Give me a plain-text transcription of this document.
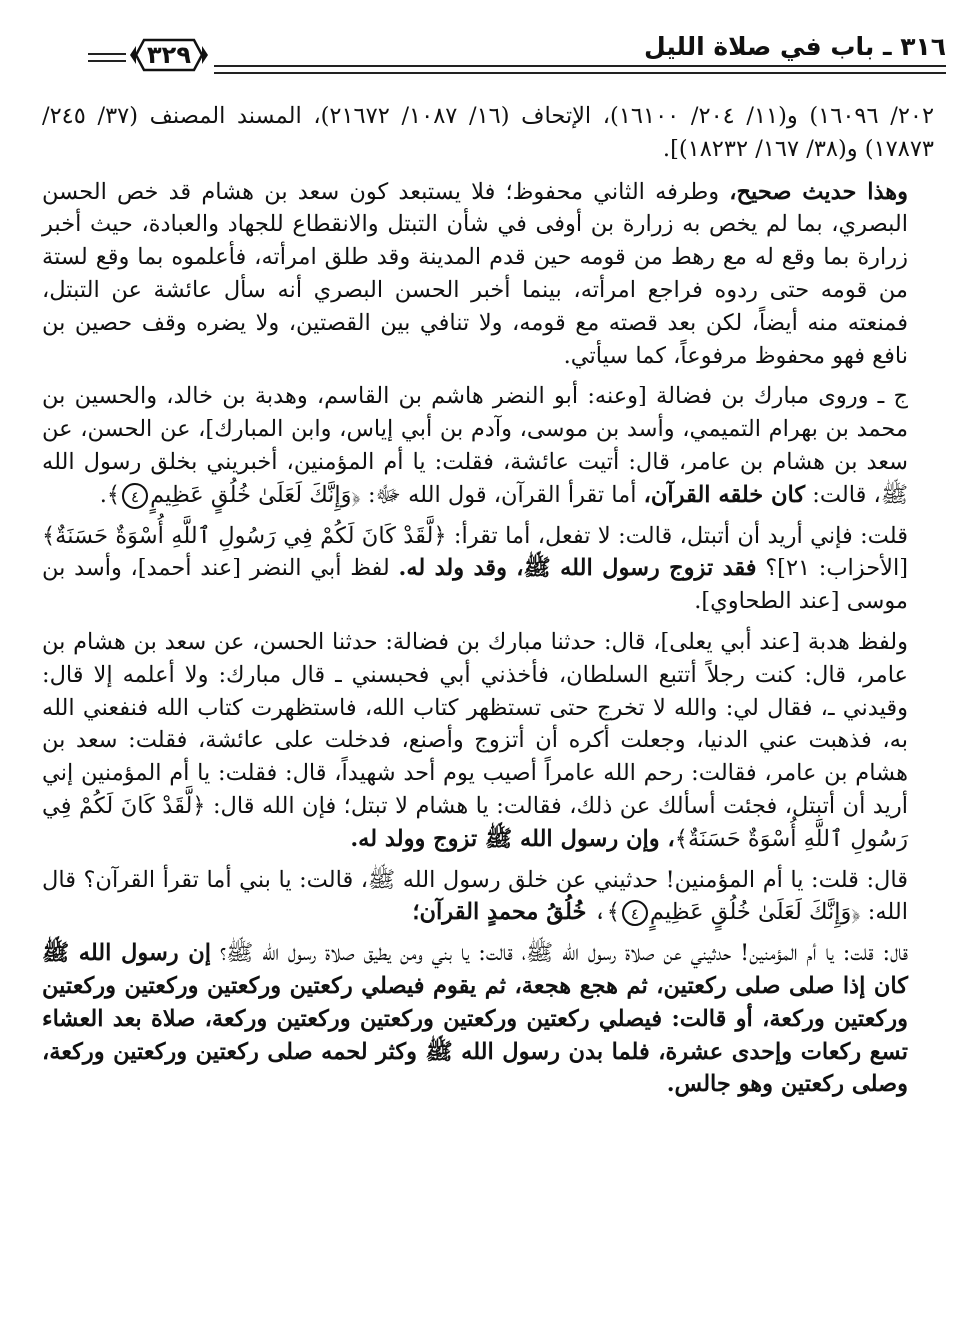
٣١٦ ـ باب في صلاة الليل
٣٢٩

٢٠٢/ ١٦٠٩٦) و(١١/ ٢٠٤/ ١٦١٠٠)، الإتحاف (١٦/ ١٠٨٧/ ٢١٦٧٢)، المسند المصنف (٣٧/ ٢٤٥/ ١٧٨٧٣) و(٣٨/ ١٦٧/ ١٨٢٣٢)].

وهذا حديث صحيح، وطرفه الثاني محفوظ؛ فلا يستبعد كون سعد بن هشام قد خص الحسن البصري، بما لم يخص به زرارة بن أوفى في شأن التبتل والانقطاع للجهاد والعبادة، حيث أخبر زرارة بما وقع له مع رهط من قومه حين قدم المدينة وقد طلق امرأته، فأعلموه بما وقع لستة من قومه حتى ردوه فراجع امرأته، بينما أخبر الحسن البصري أنه سأل عائشة عن التبتل، فمنعته منه أيضاً، لكن بعد قصته مع قومه، ولا تنافي بين القصتين، ولا يضره وقف حصين بن نافع فهو محفوظ مرفوعاً، كما سيأتي.

ج ـ وروى مبارك بن فضالة [وعنه: أبو النضر هاشم بن القاسم، وهدبة بن خالد، والحسين بن محمد بن بهرام التميمي، وأسد بن موسى، وآدم بن أبي إياس، وابن المبارك]، عن الحسن، عن سعد بن هشام بن عامر، قال: أتيت عائشة، فقلت: يا أم المؤمنين، أخبريني بخلق رسول الله ﷺ، قالت: كان خلقه القرآن، أما تقرأ القرآن، قول الله ﷻ: ﴿وَإِنَّكَ لَعَلَىٰ خُلُقٍ عَظِيمٍ٤﴾.

قلت: فإني أريد أن أتبتل، قالت: لا تفعل، أما تقرأ: ﴿لَّقَدْ كَانَ لَكُمْ فِي رَسُولِ ٱللَّهِ أُسْوَةٌ حَسَنَةٌ﴾ [الأحزاب: ٢١]؟ فقد تزوج رسول الله ﷺ، وقد ولد له. لفظ أبي النضر [عند أحمد]، وأسد بن موسى [عند الطحاوي].

ولفظ هدبة [عند أبي يعلى]، قال: حدثنا مبارك بن فضالة: حدثنا الحسن، عن سعد بن هشام بن عامر، قال: كنت رجلاً أتتبع السلطان، فأخذني أبي فحبسني ـ قال مبارك: ولا أعلمه إلا قال: وقيدني ـ، فقال لي: والله لا تخرج حتى تستظهر كتاب الله، فاستظهرت كتاب الله فنفعني الله به، فذهبت عني الدنيا، وجعلت أكره أن أتزوج وأصنع، فدخلت على عائشة، فقلت: سعد بن هشام بن عامر، فقالت: رحم الله عامراً أصيب يوم أحد شهيداً، قال: فقلت: يا أم المؤمنين إني أريد أن أتبتل، فجئت أسألك عن ذلك، فقالت: يا هشام لا تبتل؛ فإن الله قال: ﴿لَّقَدْ كَانَ لَكُمْ فِي رَسُولِ ٱللَّهِ أُسْوَةٌ حَسَنَةٌ﴾، وإن رسول الله ﷺ تزوج وولد له.

قال: قلت: يا أم المؤمنين! حدثيني عن خلق رسول الله ﷺ، قالت: يا بني أما تقرأ القرآن؟ قال الله: ﴿وَإِنَّكَ لَعَلَىٰ خُلُقٍ عَظِيمٍ٤﴾، خُلُقُ محمدٍ القرآن؛

قال: قلت: يا أم المؤمنين! حدثيني عن صلاة رسول الله ﷺ، قالت: يا بني ومن يطيق صلاة رسول الله ﷺ؟ إن رسول الله ﷺ كان إذا صلى صلى ركعتين، ثم هجع هجعة، ثم يقوم فيصلي ركعتين وركعتين وركعتين وركعتين وركعتين وركعة، أو قالت: فيصلي ركعتين وركعتين وركعتين وركعتين وركعة، صلاة بعد العشاء تسع ركعات وإحدى عشرة، فلما بدن رسول الله ﷺ وكثر لحمه صلى ركعتين وركعتين وركعة، وصلى ركعتين وهو جالس.
